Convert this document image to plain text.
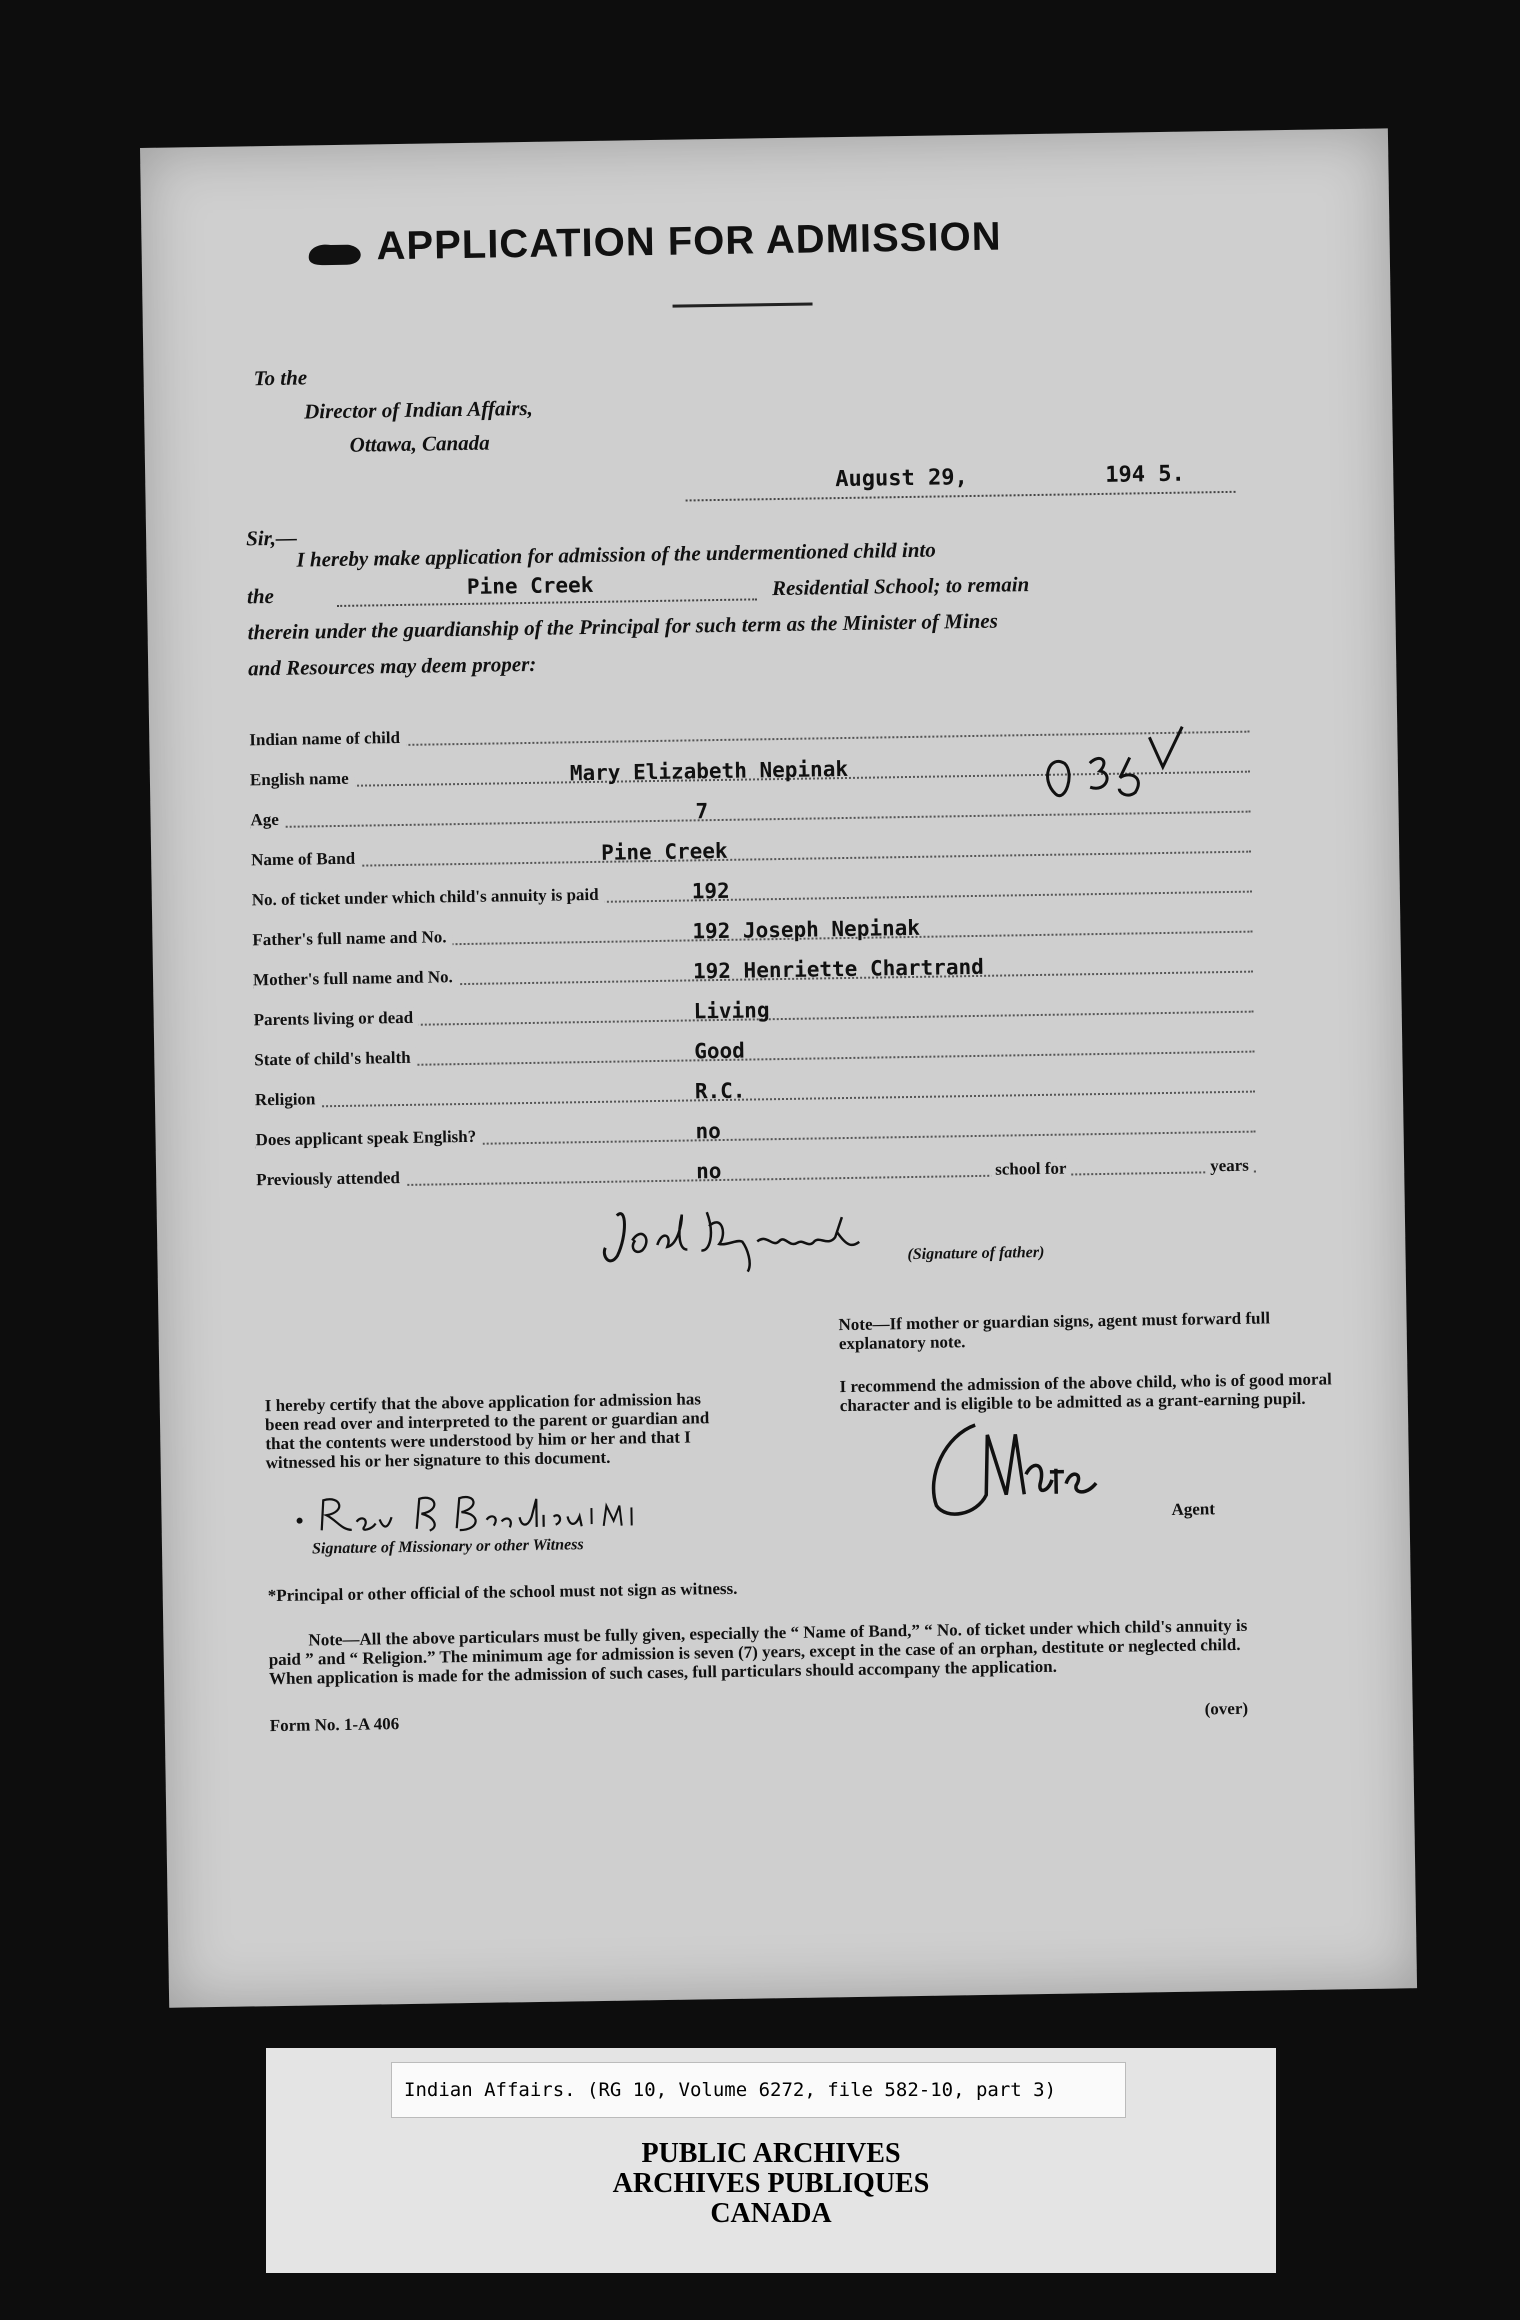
APPLICATION FOR ADMISSION
To the
Director of Indian Affairs,
Ottawa, Canada
August 29,	194 5.
Sir,— I hereby make application for admission of the undermentioned child into
the	Pine Creek	Residential School; to remain
therein under the guardianship of the Principal for such term as the Minister of Mines
and Resources may deem proper:
Indian name of child
English name	Mary Elizabeth Nepinak
Age	7
Name of Band	Pine Creek
No. of ticket under which child's annuity is paid	192
Father's full name and No.	192 Joseph Nepinak
Mother's full name and No.	192 Henriette Chartrand
Parents living or dead	Living
State of child's health	Good
Religion	R.C.
Does applicant speak English?	no
Previously attended	no	school for	years
(Signature of father)
Note—If mother or guardian signs, agent must forward full explanatory note.
I recommend the admission of the above child, who is of good moral character and is eligible to be admitted as a grant-earning pupil.
I hereby certify that the above application for admission has been read over and interpreted to the parent or guardian and that the contents were understood by him or her and that I witnessed his or her signature to this document.
Signature of Missionary or other Witness
Agent
*Principal or other official of the school must not sign as witness.
Note—All the above particulars must be fully given, especially the “ Name of Band,” “ No. of ticket under which child's annuity is paid ” and “ Religion.” The minimum age for admission is seven (7) years, except in the case of an orphan, destitute or neglected child. When application is made for the admission of such cases, full particulars should accompany the application.
Form No. 1-A 406
(over)
Indian Affairs. (RG 10, Volume 6272, file 582-10, part 3)
PUBLIC ARCHIVES
ARCHIVES PUBLIQUES
CANADA
